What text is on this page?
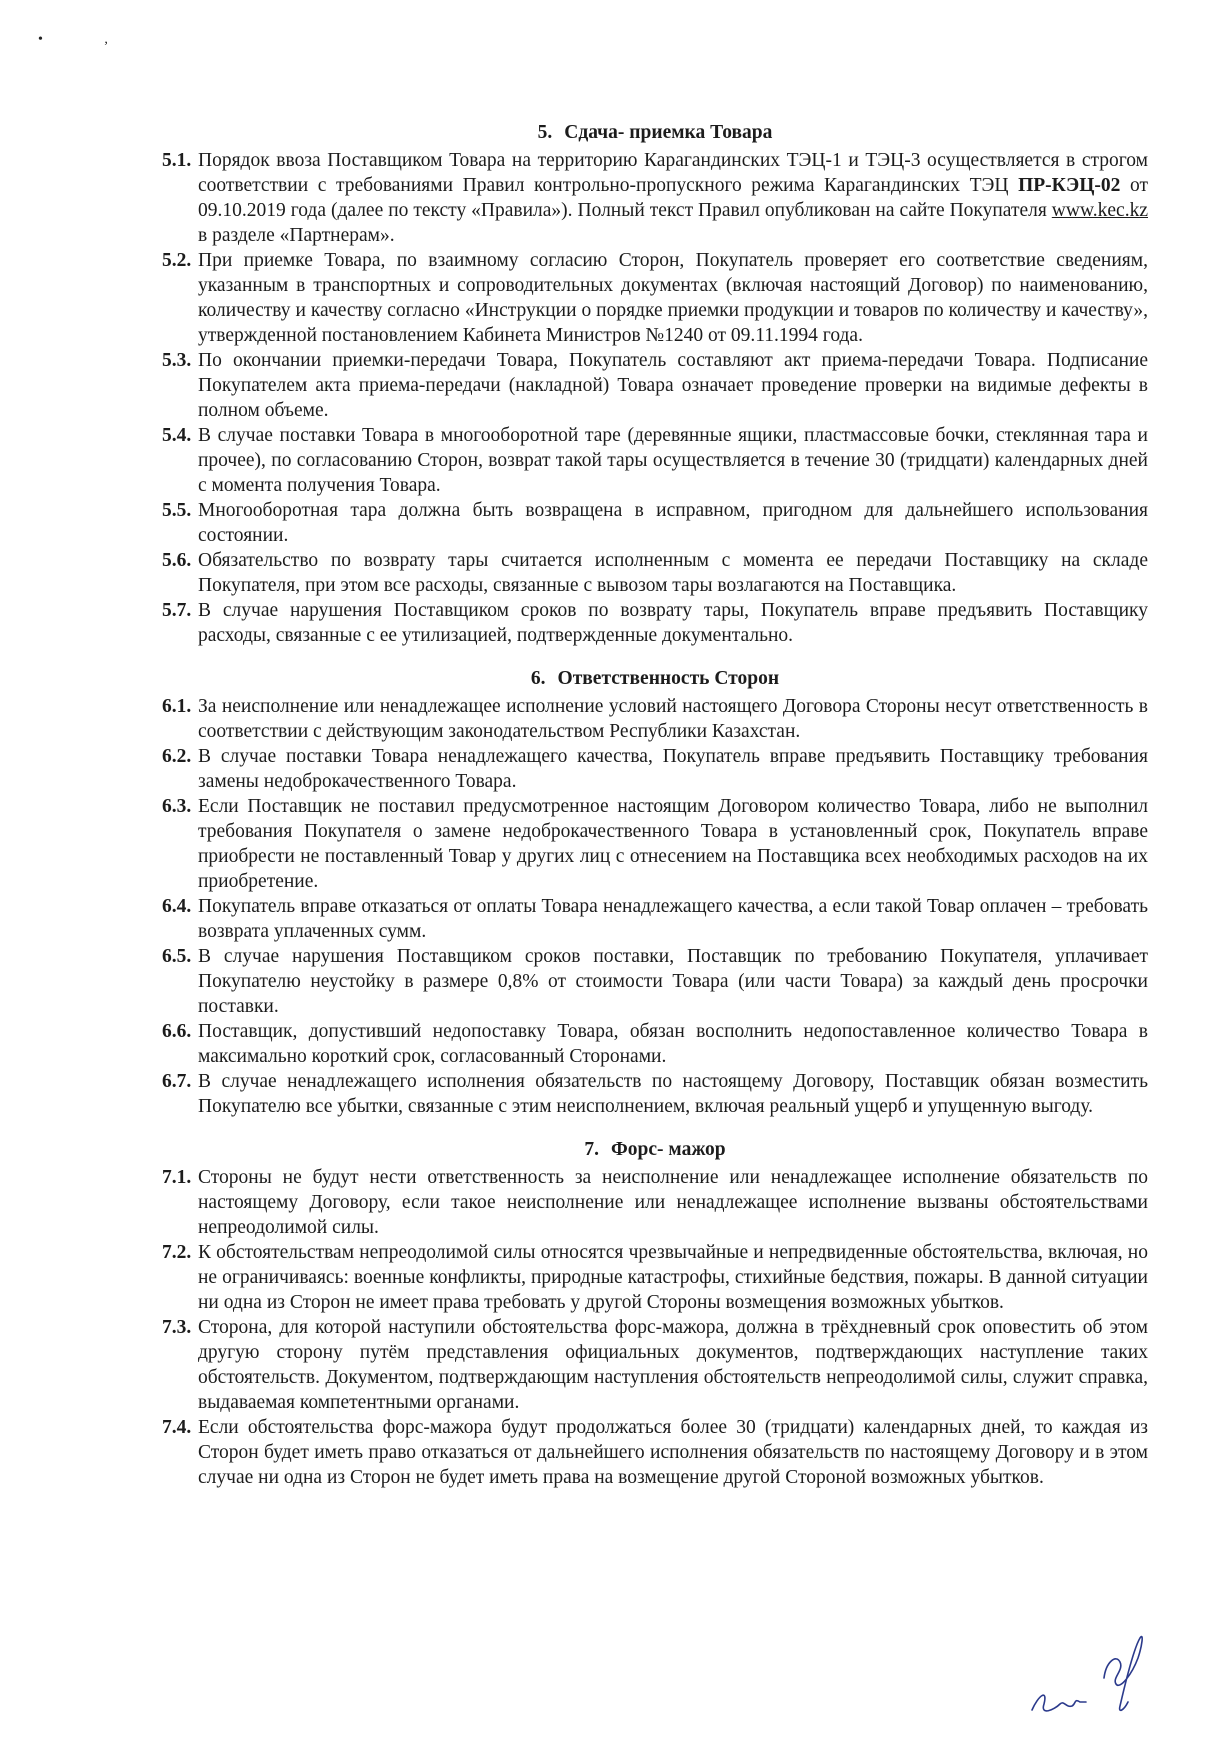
•	,
5. Сдача- приемка Товара
5.1. Порядок ввоза Поставщиком Товара на территорию Карагандинских ТЭЦ-1 и ТЭЦ-3 осуществляется в строгом соответствии с требованиями Правил контрольно-пропускного режима Карагандинских ТЭЦ ПР-КЭЦ-02 от 09.10.2019 года (далее по тексту «Правила»). Полный текст Правил опубликован на сайте Покупателя www.kec.kz в разделе «Партнерам».
5.2. При приемке Товара, по взаимному согласию Сторон, Покупатель проверяет его соответствие сведениям, указанным в транспортных и сопроводительных документах (включая настоящий Договор) по наименованию, количеству и качеству согласно «Инструкции о порядке приемки продукции и товаров по количеству и качеству», утвержденной постановлением Кабинета Министров №1240 от 09.11.1994 года.
5.3. По окончании приемки-передачи Товара, Покупатель составляют акт приема-передачи Товара. Подписание Покупателем акта приема-передачи (накладной) Товара означает проведение проверки на видимые дефекты в полном объеме.
5.4. В случае поставки Товара в многооборотной таре (деревянные ящики, пластмассовые бочки, стеклянная тара и прочее), по согласованию Сторон, возврат такой тары осуществляется в течение 30 (тридцати) календарных дней с момента получения Товара.
5.5. Многооборотная тара должна быть возвращена в исправном, пригодном для дальнейшего использования состоянии.
5.6. Обязательство по возврату тары считается исполненным с момента ее передачи Поставщику на складе Покупателя, при этом все расходы, связанные с вывозом тары возлагаются на Поставщика.
5.7. В случае нарушения Поставщиком сроков по возврату тары, Покупатель вправе предъявить Поставщику расходы, связанные с ее утилизацией, подтвержденные документально.
6. Ответственность Сторон
6.1. За неисполнение или ненадлежащее исполнение условий настоящего Договора Стороны несут ответственность в соответствии с действующим законодательством Республики Казахстан.
6.2. В случае поставки Товара ненадлежащего качества, Покупатель вправе предъявить Поставщику требования замены недоброкачественного Товара.
6.3. Если Поставщик не поставил предусмотренное настоящим Договором количество Товара, либо не выполнил требования Покупателя о замене недоброкачественного Товара в установленный срок, Покупатель вправе приобрести не поставленный Товар у других лиц с отнесением на Поставщика всех необходимых расходов на их приобретение.
6.4. Покупатель вправе отказаться от оплаты Товара ненадлежащего качества, а если такой Товар оплачен – требовать возврата уплаченных сумм.
6.5. В случае нарушения Поставщиком сроков поставки, Поставщик по требованию Покупателя, уплачивает Покупателю неустойку в размере 0,8% от стоимости Товара (или части Товара) за каждый день просрочки поставки.
6.6. Поставщик, допустивший недопоставку Товара, обязан восполнить недопоставленное количество Товара в максимально короткий срок, согласованный Сторонами.
6.7. В случае ненадлежащего исполнения обязательств по настоящему Договору, Поставщик обязан возместить Покупателю все убытки, связанные с этим неисполнением, включая реальный ущерб и упущенную выгоду.
7. Форс- мажор
7.1. Стороны не будут нести ответственность за неисполнение или ненадлежащее исполнение обязательств по настоящему Договору, если такое неисполнение или ненадлежащее исполнение вызваны обстоятельствами непреодолимой силы.
7.2. К обстоятельствам непреодолимой силы относятся чрезвычайные и непредвиденные обстоятельства, включая, но не ограничиваясь: военные конфликты, природные катастрофы, стихийные бедствия, пожары. В данной ситуации ни одна из Сторон не имеет права требовать у другой Стороны возмещения возможных убытков.
7.3. Сторона, для которой наступили обстоятельства форс-мажора, должна в трёхдневный срок оповестить об этом другую сторону путём представления официальных документов, подтверждающих наступление таких обстоятельств. Документом, подтверждающим наступления обстоятельств непреодолимой силы, служит справка, выдаваемая компетентными органами.
7.4. Если обстоятельства форс-мажора будут продолжаться более 30 (тридцати) календарных дней, то каждая из Сторон будет иметь право отказаться от дальнейшего исполнения обязательств по настоящему Договору и в этом случае ни одна из Сторон не будет иметь права на возмещение другой Стороной возможных убытков.
